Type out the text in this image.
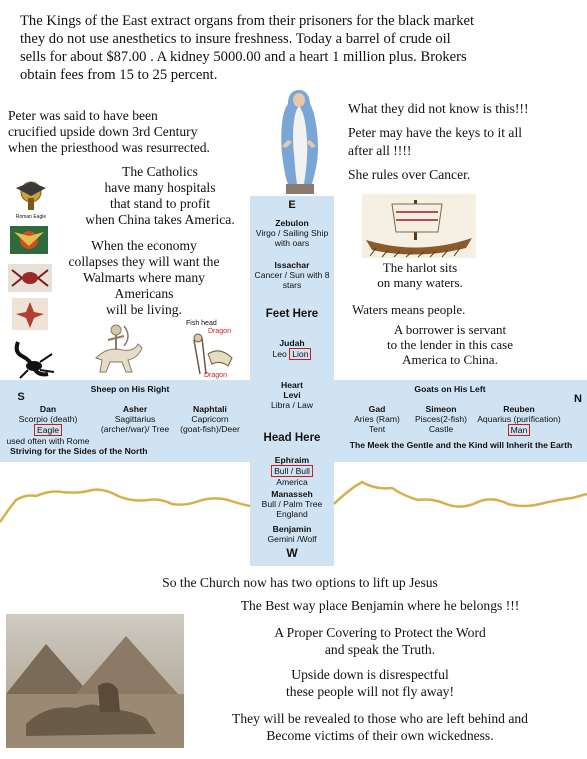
The Kings of the East extract organs from their prisoners for the black market
they do not use anesthetics to insure freshness. Today a barrel of crude oil
sells for about $87.00 . A kidney 5000.00 and a heart 1 million plus. Brokers
obtain fees from 15 to 25 percent.
Peter was said to have been
crucified upside down 3rd Century
when the priesthood was resurrected.

What they did not know is this!!!

Peter may have the keys to it all
after all !!!!

She rules over Cancer.

The Catholics
have many hospitals
that stand to profit
when China takes America.
Roman Eagle
When the economy
collapses they will want the
Walmarts where many
Americans
will be living.
Fish head
Dragon
Dragon
The harlot sits
on many waters.
Waters means people.
A borrower is servant
to the lender in this case
America to China.
E
Zebulon
Virgo / Sailing Ship
with oars
Issachar
Cancer / Sun with 8
stars
Feet Here
Judah
Leo Lion
Heart
Levi
Libra / Law
Head Here
Ephraim
Bull / Bull
America
Manasseh
Bull / Palm Tree
England
Benjamin
Gemini /Wolf
W
S
Sheep on His Right
Dan
Scorpio (death)
Eagle
used often with Rome
Asher
Sagittarius
(archer/war)/ Tree
Naphtali
Capricorn
(goat-fish)/Deer
Striving for the Sides of the North
Goats on His Left
Gad
Aries (Ram)
Tent
Simeon
Pisces(2-fish)
Castle
Reuben
Aquarius (purification)
Man
N
The Meek the Gentle and the Kind will Inherit the Earth
So the Church now has two options to lift up Jesus
The Best way place Benjamin where he belongs !!!
A Proper Covering to Protect the Word
and speak the Truth.
Upside down is disrespectful
these people will not fly away!
They will be revealed to those who are left behind and
Become victims of their own wickedness.
